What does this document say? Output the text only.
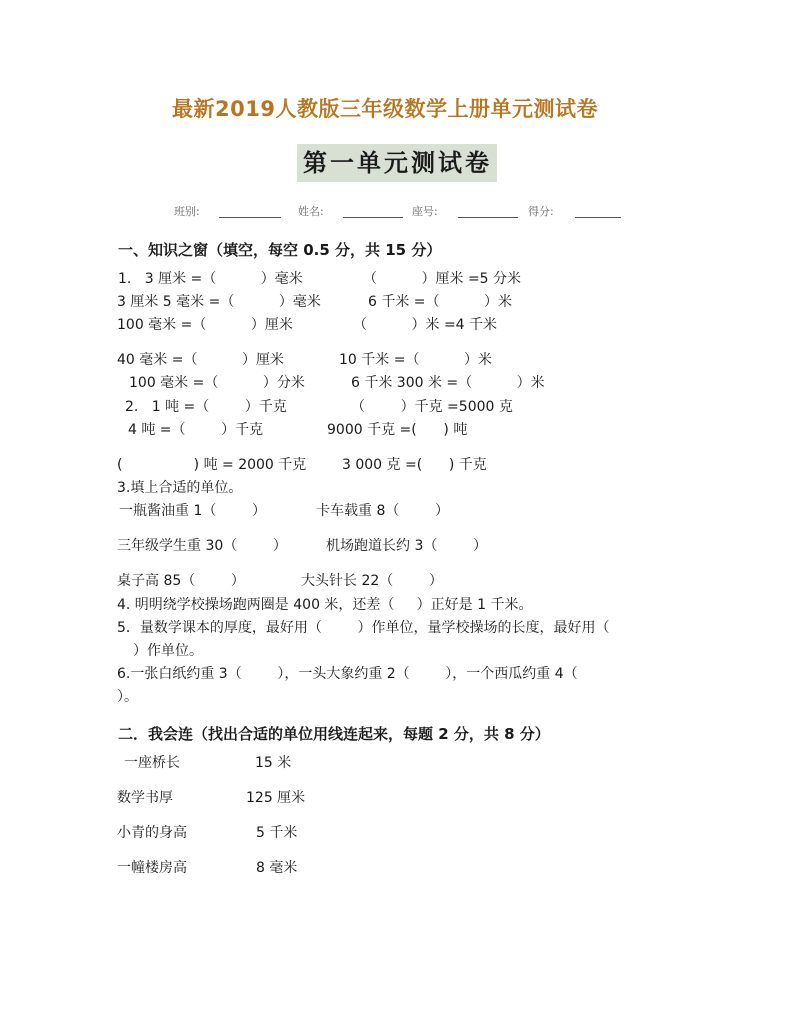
最新2019人教版三年级数学上册单元测试卷
第一单元测试卷
班别:	姓名:	座号:	得分:
一、知识之窗（填空，每空 0.5 分，共 15 分）
1.   3 厘米 =（          ）毫米	（          ）厘米 =5 分米
3 厘米 5 毫米 =（          ）毫米	6 千米 =（          ）米
100 毫米 =（          ）厘米	（          ）米 =4 千米
40 毫米 =（          ）厘米	10 千米 =（          ）米
100 毫米 =（          ）分米	6 千米 300 米 =（          ）米
2.   1 吨 =（        ）千克	（        ）千克 =5000 克
4 吨 =（        ）千克	9000 千克 =(      ) 吨
(                ) 吨 = 2000 千克	3 000 克 =(      ) 千克
3.填上合适的单位。
一瓶酱油重 1（        ）	卡车载重 8（        ）
三年级学生重 30（        ）	机场跑道长约 3（        ）
桌子高 85（        ）	大头针长 22（        ）
4. 明明绕学校操场跑两圈是 400 米，还差（     ）正好是 1 千米。
5．量数学课本的厚度，最好用（        ）作单位，量学校操场的长度，最好用（
）作单位。
6.一张白纸约重 3（        ），一头大象约重 2（        ），一个西瓜约重 4（
）。
二．我会连（找出合适的单位用线连起来，每题 2 分，共 8 分）
一座桥长	15 米
数学书厚	125 厘米
小青的身高	5 千米
一幢楼房高	8 毫米
